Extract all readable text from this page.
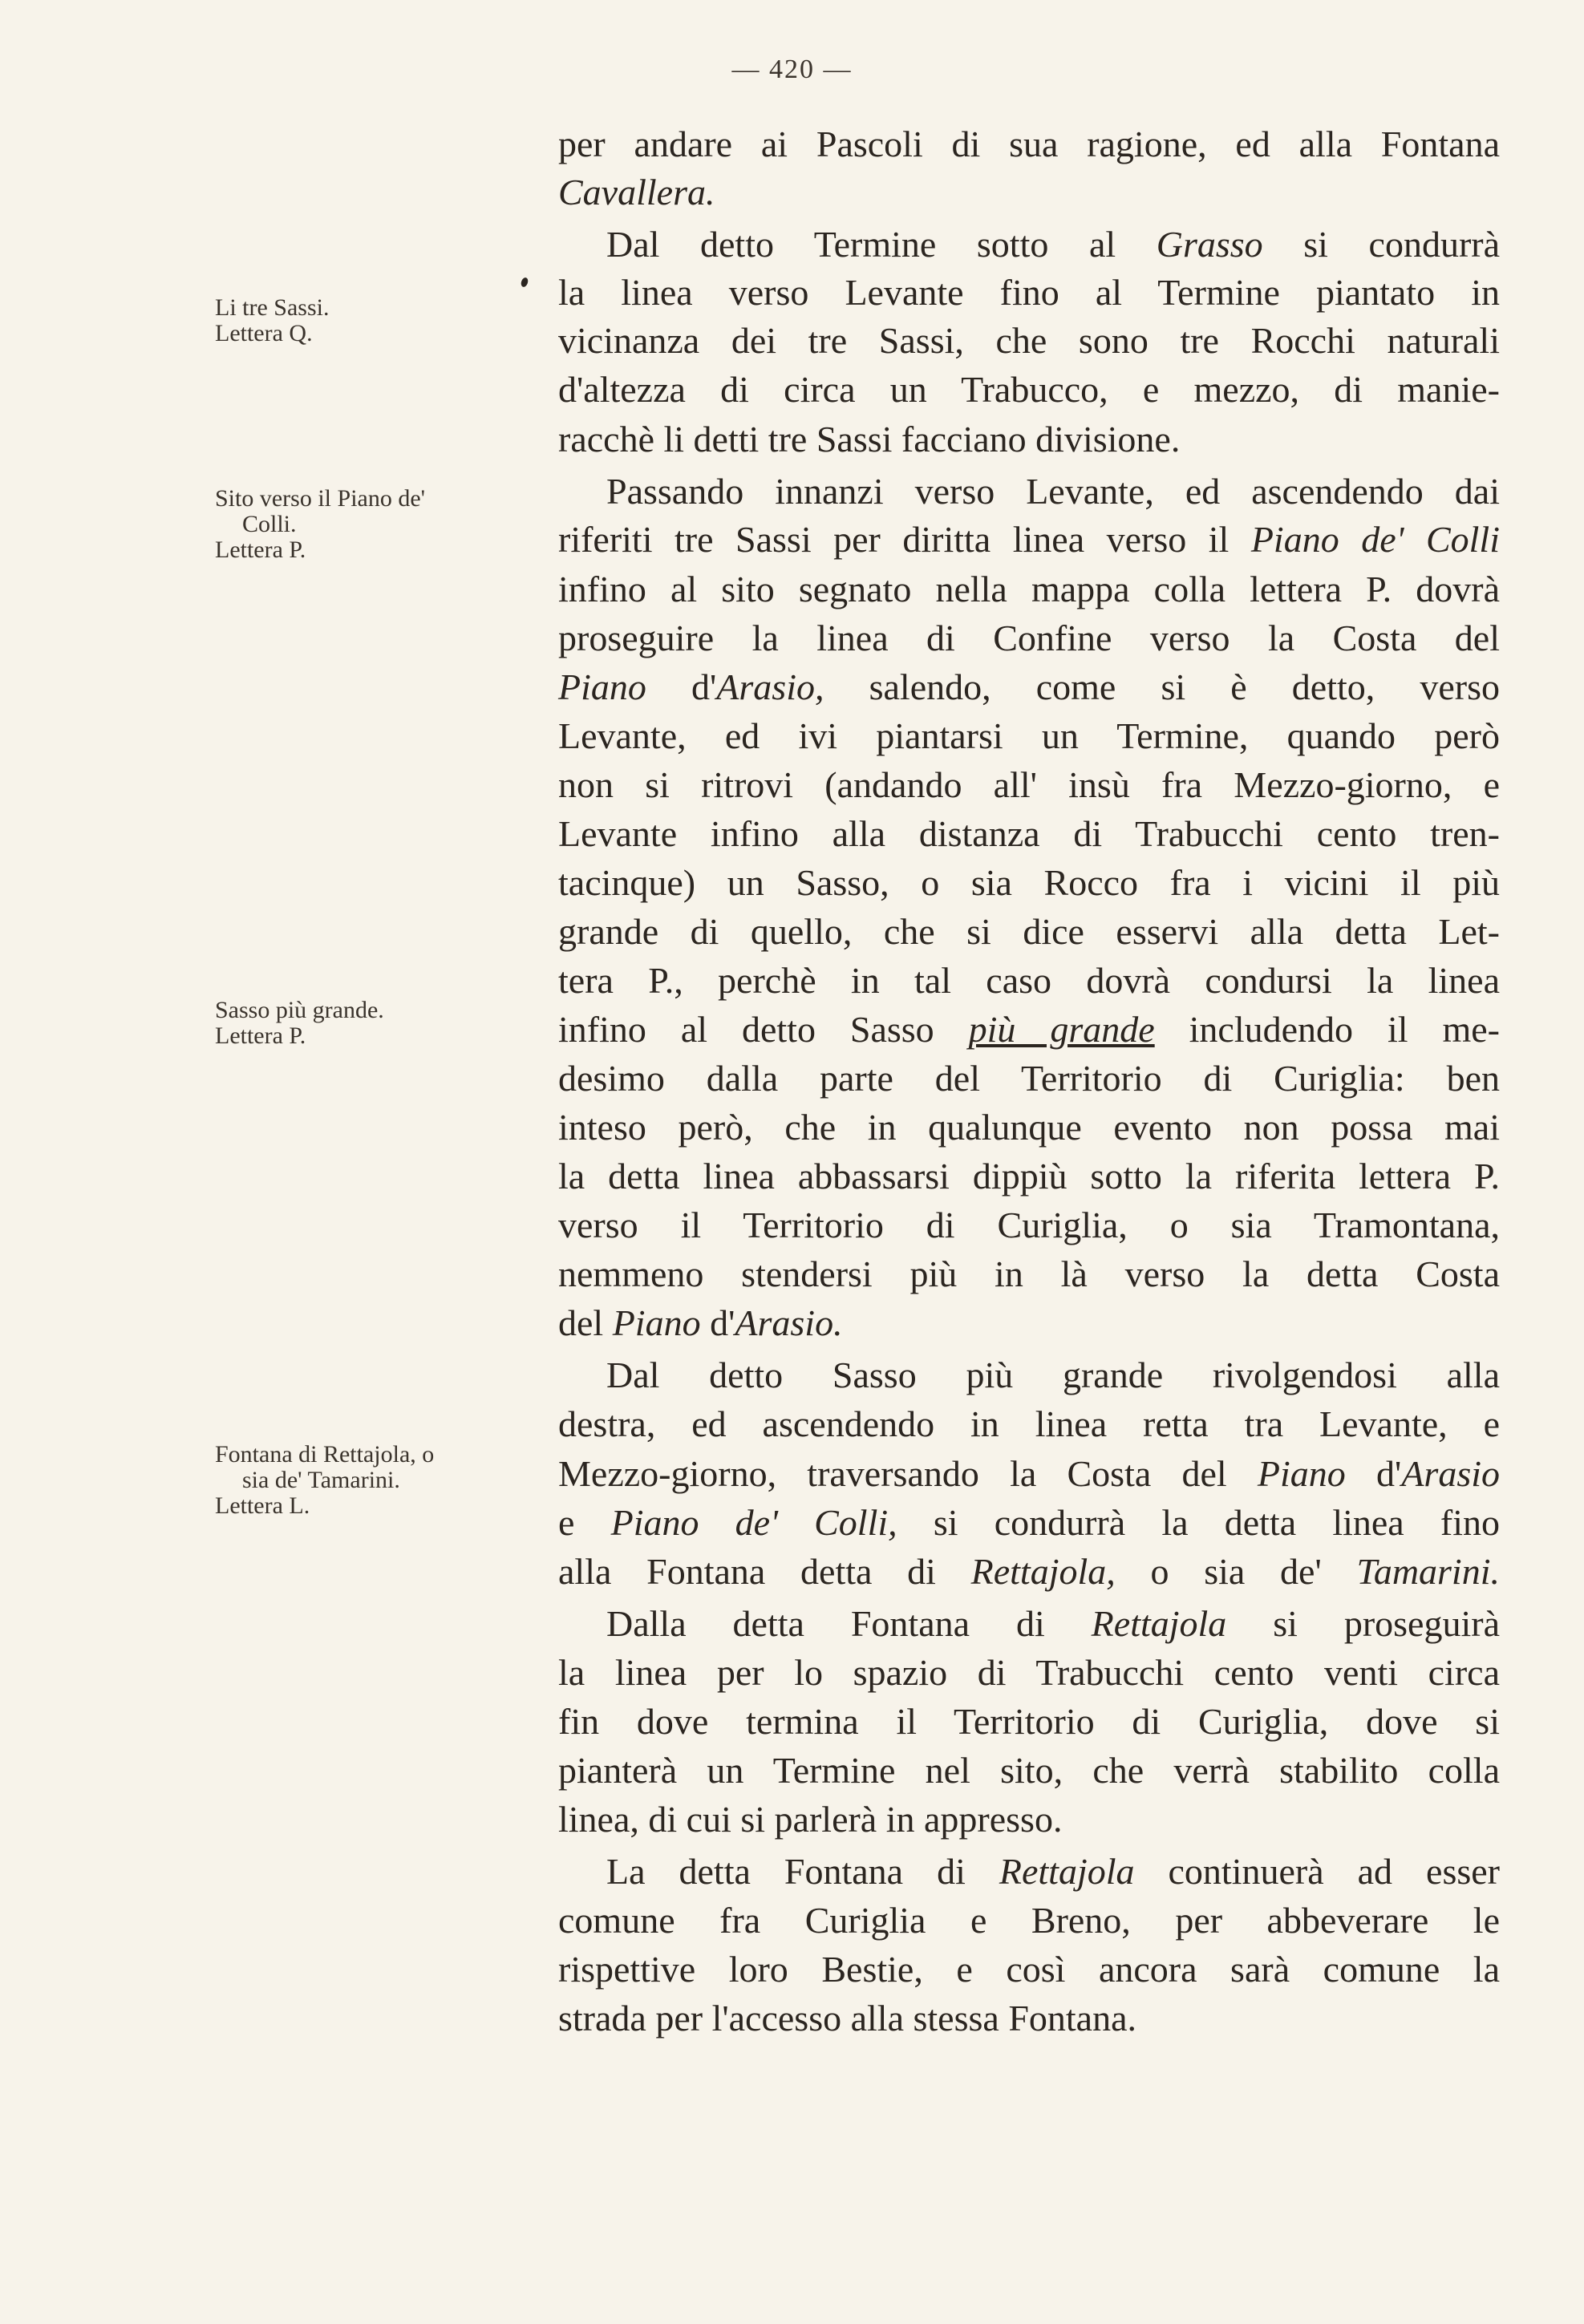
— 420 —
Li tre Sassi.
Lettera Q.
Sito verso il Piano de'

Colli.
Lettera P.
Sasso più grande.
Lettera P.
Fontana di Rettajola, o

sia de' Tamarini.
Lettera L.
per andare ai Pascoli di sua ragione, ed alla Fontana
Cavallera.
Dal detto Termine sotto al Grasso si condurrà
la linea verso Levante fino al Termine piantato in
vicinanza dei tre Sassi, che sono tre Rocchi naturali
d'altezza di circa un Trabucco, e mezzo, di manie-
racchè li detti tre Sassi facciano divisione.
Passando innanzi verso Levante, ed ascendendo dai
riferiti tre Sassi per diritta linea verso il Piano de' Colli
infino al sito segnato nella mappa colla lettera P. dovrà
proseguire la linea di Confine verso la Costa del
Piano d'Arasio, salendo, come si è detto, verso
Levante, ed ivi piantarsi un Termine, quando però
non si ritrovi (andando all' insù fra Mezzo-giorno, e
Levante infino alla distanza di Trabucchi cento tren-
tacinque) un Sasso, o sia Rocco fra i vicini il più
grande di quello, che si dice esservi alla detta Let-
tera P., perchè in tal caso dovrà condursi la linea
infino al detto Sasso più grande includendo il me-
desimo dalla parte del Territorio di Curiglia: ben
inteso però, che in qualunque evento non possa mai
la detta linea abbassarsi dippiù sotto la riferita lettera P.
verso il Territorio di Curiglia, o sia Tramontana,
nemmeno stendersi più in là verso la detta Costa
del Piano d'Arasio.
Dal detto Sasso più grande rivolgendosi alla
destra, ed ascendendo in linea retta tra Levante, e
Mezzo-giorno, traversando la Costa del Piano d'Arasio
e Piano de' Colli, si condurrà la detta linea fino
alla Fontana detta di Rettajola, o sia de' Tamarini.
Dalla detta Fontana di Rettajola si proseguirà
la linea per lo spazio di Trabucchi cento venti circa
fin dove termina il Territorio di Curiglia, dove si
pianterà un Termine nel sito, che verrà stabilito colla
linea, di cui si parlerà in appresso.
La detta Fontana di Rettajola continuerà ad esser
comune fra Curiglia e Breno, per abbeverare le
rispettive loro Bestie, e così ancora sarà comune la
strada per l'accesso alla stessa Fontana.
